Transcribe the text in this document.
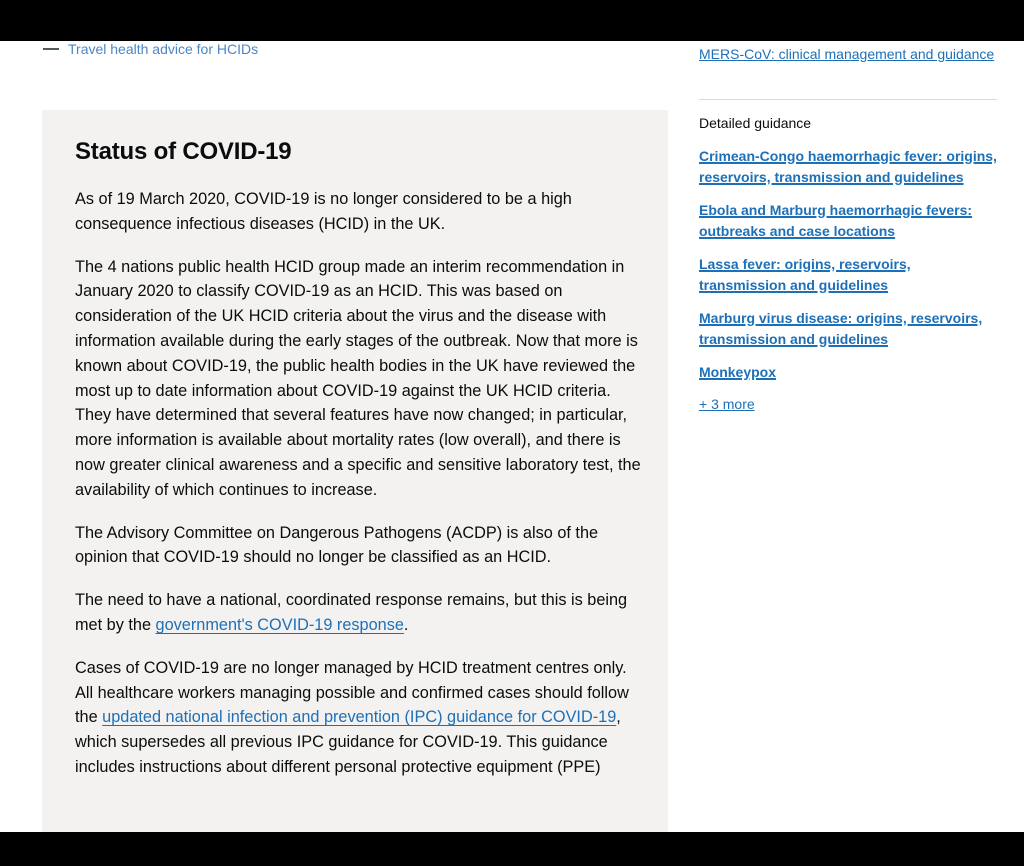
Travel health advice for HCIDs
Status of COVID-19

As of 19 March 2020, COVID-19 is no longer considered to be a high consequence infectious diseases (HCID) in the UK.

The 4 nations public health HCID group made an interim recommendation in January 2020 to classify COVID-19 as an HCID. This was based on consideration of the UK HCID criteria about the virus and the disease with information available during the early stages of the outbreak. Now that more is known about COVID-19, the public health bodies in the UK have reviewed the most up to date information about COVID-19 against the UK HCID criteria. They have determined that several features have now changed; in particular, more information is available about mortality rates (low overall), and there is now greater clinical awareness and a specific and sensitive laboratory test, the availability of which continues to increase.

The Advisory Committee on Dangerous Pathogens (ACDP) is also of the opinion that COVID-19 should no longer be classified as an HCID.

The need to have a national, coordinated response remains, but this is being met by the government's COVID-19 response.

Cases of COVID-19 are no longer managed by HCID treatment centres only. All healthcare workers managing possible and confirmed cases should follow the updated national infection and prevention (IPC) guidance for COVID-19, which supersedes all previous IPC guidance for COVID-19. This guidance includes instructions about different personal protective equipment (PPE)

MERS-CoV: clinical management and guidance
Detailed guidance
Crimean-Congo haemorrhagic fever: origins, reservoirs, transmission and guidelines
Ebola and Marburg haemorrhagic fevers: outbreaks and case locations
Lassa fever: origins, reservoirs, transmission and guidelines
Marburg virus disease: origins, reservoirs, transmission and guidelines
Monkeypox
+ 3 more
